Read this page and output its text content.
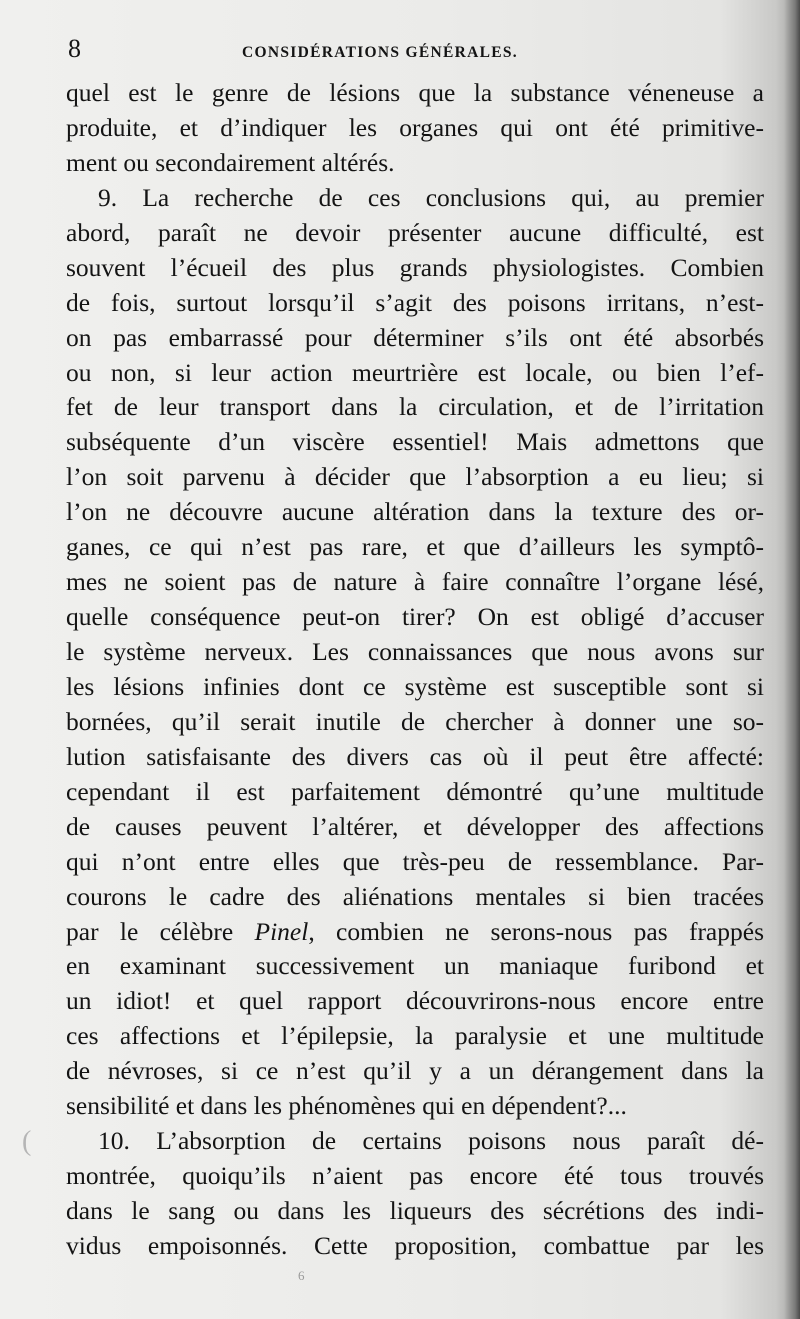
8	CONSIDÉRATIONS GÉNÉRALES.
quel est le genre de lésions que la substance véneneuse a
produite, et d’indiquer les organes qui ont été primitive-
ment ou secondairement altérés.
9. La recherche de ces conclusions qui, au premier
abord, paraît ne devoir présenter aucune difficulté, est
souvent l’écueil des plus grands physiologistes. Combien
de fois, surtout lorsqu’il s’agit des poisons irritans, n’est-
on pas embarrassé pour déterminer s’ils ont été absorbés
ou non, si leur action meurtrière est locale, ou bien l’ef-
fet de leur transport dans la circulation, et de l’irritation
subséquente d’un viscère essentiel! Mais admettons que
l’on soit parvenu à décider que l’absorption a eu lieu; si
l’on ne découvre aucune altération dans la texture des or-
ganes, ce qui n’est pas rare, et que d’ailleurs les symptô-
mes ne soient pas de nature à faire connaître l’organe lésé,
quelle conséquence peut-on tirer? On est obligé d’accuser
le système nerveux. Les connaissances que nous avons sur
les lésions infinies dont ce système est susceptible sont si
bornées, qu’il serait inutile de chercher à donner une so-
lution satisfaisante des divers cas où il peut être affecté:
cependant il est parfaitement démontré qu’une multitude
de causes peuvent l’altérer, et développer des affections
qui n’ont entre elles que très-peu de ressemblance. Par-
courons le cadre des aliénations mentales si bien tracées
par le célèbre Pinel, combien ne serons-nous pas frappés
en examinant successivement un maniaque furibond et
un idiot! et quel rapport découvrirons-nous encore entre
ces affections et l’épilepsie, la paralysie et une multitude
de névroses, si ce n’est qu’il y a un dérangement dans la
sensibilité et dans les phénomènes qui en dépendent?...
10. L’absorption de certains poisons nous paraît dé-
montrée, quoiqu’ils n’aient pas encore été tous trouvés
dans le sang ou dans les liqueurs des sécrétions des indi-
vidus empoisonnés. Cette proposition, combattue par les
(
6
